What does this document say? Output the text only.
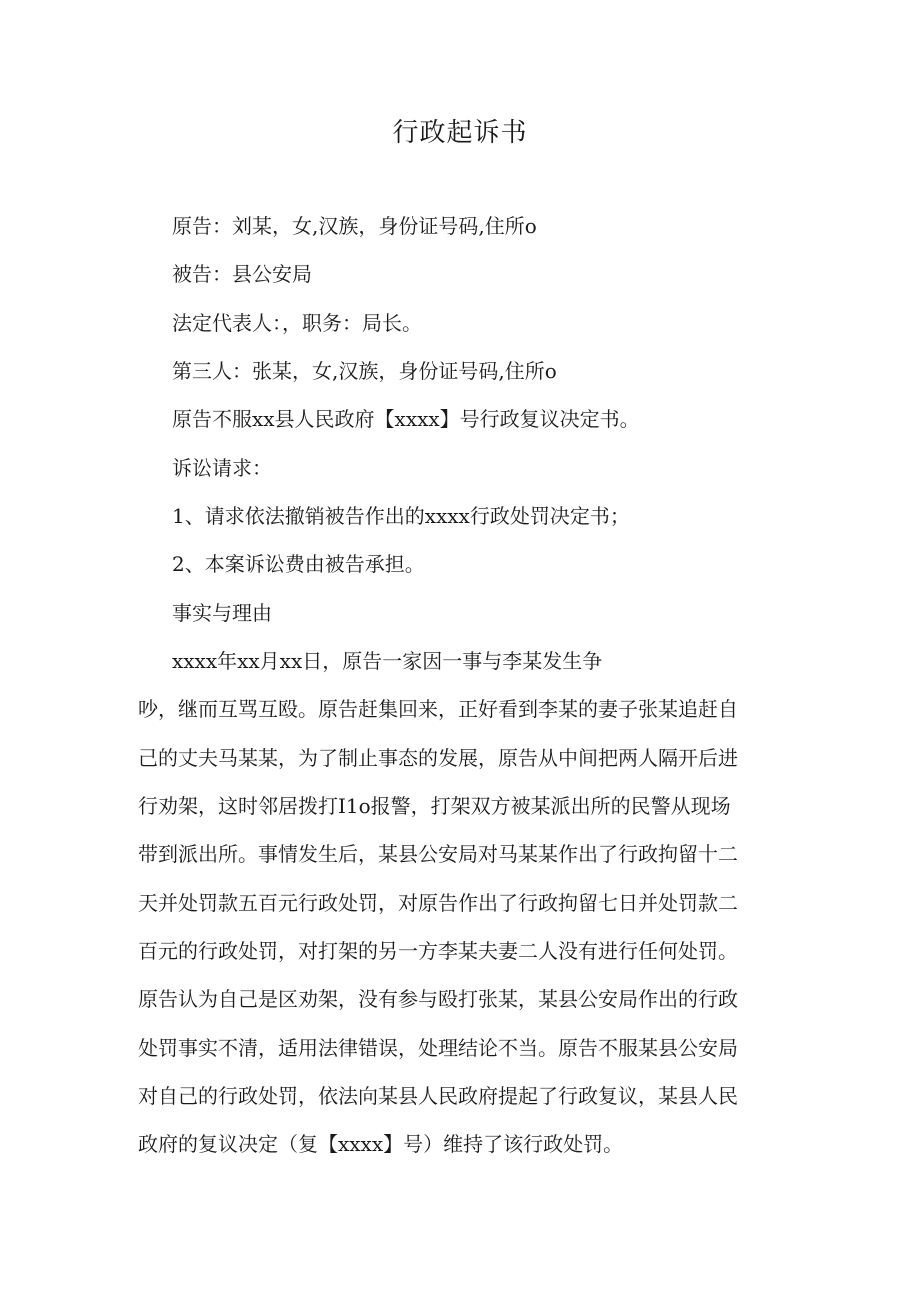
行政起诉书
原告：刘某，女,汉族，身份证号码,住所o
被告：县公安局
法定代表人：，职务：局长。
第三人：张某，女,汉族，身份证号码,住所o
原告不服xx县人民政府【xxxx】号行政复议决定书。
诉讼请求：
1、请求依法撤销被告作出的xxxx行政处罚决定书；
2、本案诉讼费由被告承担。
事实与理由
xxxx年xx月xx日，原告一家因一事与李某发生争
吵，继而互骂互殴。原告赶集回来，正好看到李某的妻子张某追赶自
己的丈夫马某某，为了制止事态的发展，原告从中间把两人隔开后进
行劝架，这时邻居拨打I1o报警，打架双方被某派出所的民警从现场
带到派出所。事情发生后，某县公安局对马某某作出了行政拘留十二
天并处罚款五百元行政处罚，对原告作出了行政拘留七日并处罚款二
百元的行政处罚，对打架的另一方李某夫妻二人没有进行任何处罚。
原告认为自己是区劝架，没有参与殴打张某，某县公安局作出的行政
处罚事实不清，适用法律错误，处理结论不当。原告不服某县公安局
对自己的行政处罚，依法向某县人民政府提起了行政复议，某县人民
政府的复议决定（复【xxxx】号）维持了该行政处罚。
